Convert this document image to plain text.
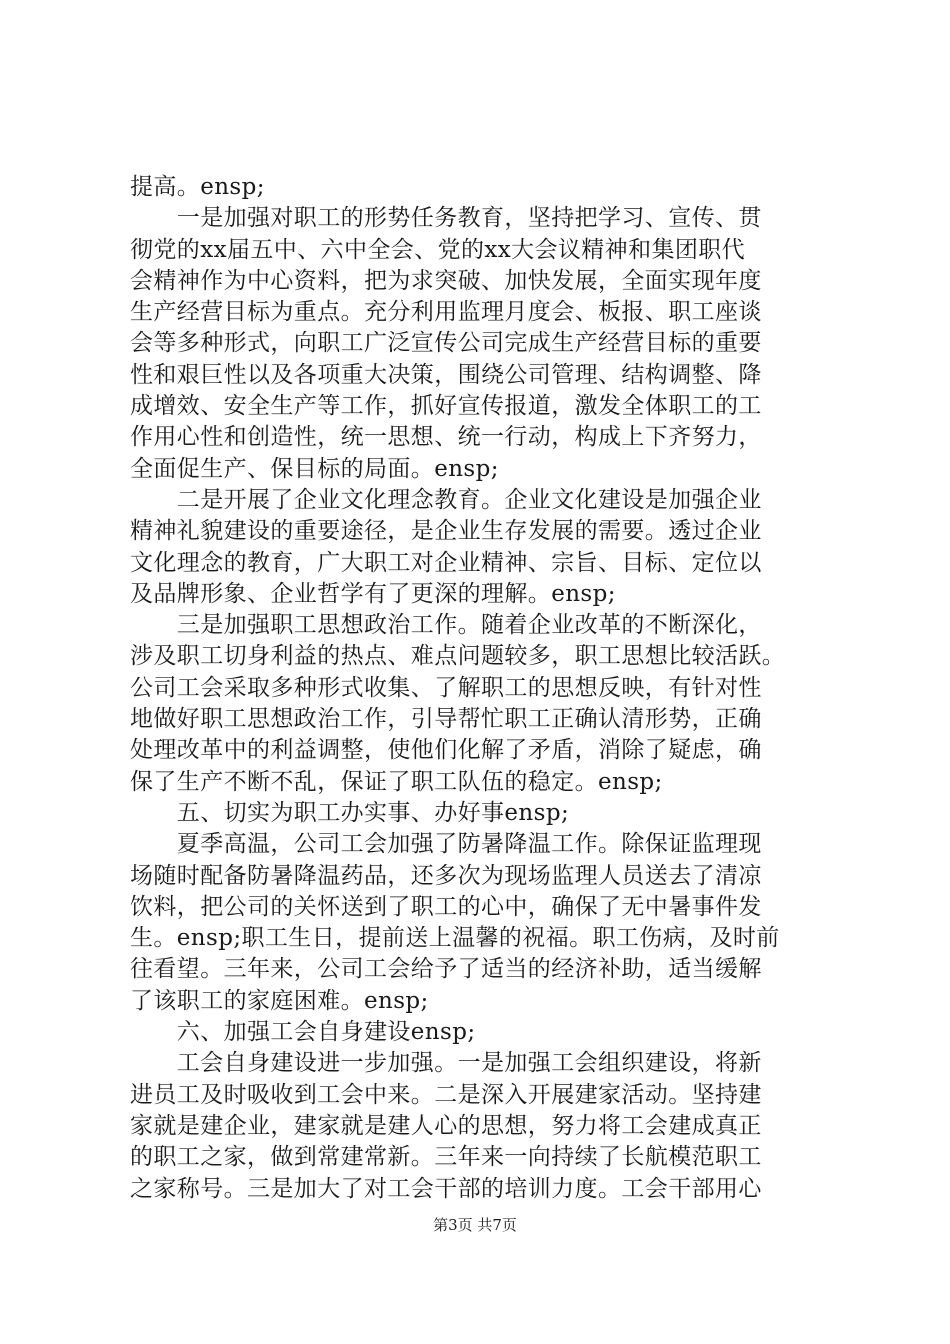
提高。ensp;
　　一是加强对职工的形势任务教育，坚持把学习、宣传、贯
彻党的xx届五中、六中全会、党的xx大会议精神和集团职代
会精神作为中心资料，把为求突破、加快发展，全面实现年度
生产经营目标为重点。充分利用监理月度会、板报、职工座谈
会等多种形式，向职工广泛宣传公司完成生产经营目标的重要
性和艰巨性以及各项重大决策，围绕公司管理、结构调整、降
成增效、安全生产等工作，抓好宣传报道，激发全体职工的工
作用心性和创造性，统一思想、统一行动，构成上下齐努力，
全面促生产、保目标的局面。ensp;
　　二是开展了企业文化理念教育。企业文化建设是加强企业
精神礼貌建设的重要途径，是企业生存发展的需要。透过企业
文化理念的教育，广大职工对企业精神、宗旨、目标、定位以
及品牌形象、企业哲学有了更深的理解。ensp;
　　三是加强职工思想政治工作。随着企业改革的不断深化，
涉及职工切身利益的热点、难点问题较多，职工思想比较活跃。
公司工会采取多种形式收集、了解职工的思想反映，有针对性
地做好职工思想政治工作，引导帮忙职工正确认清形势，正确
处理改革中的利益调整，使他们化解了矛盾，消除了疑虑，确
保了生产不断不乱，保证了职工队伍的稳定。ensp;
　　五、切实为职工办实事、办好事ensp;
　　夏季高温，公司工会加强了防暑降温工作。除保证监理现
场随时配备防暑降温药品，还多次为现场监理人员送去了清凉
饮料，把公司的关怀送到了职工的心中，确保了无中暑事件发
生。ensp;职工生日，提前送上温馨的祝福。职工伤病，及时前
往看望。三年来，公司工会给予了适当的经济补助，适当缓解
了该职工的家庭困难。ensp;
　　六、加强工会自身建设ensp;
　　工会自身建设进一步加强。一是加强工会组织建设，将新
进员工及时吸收到工会中来。二是深入开展建家活动。坚持建
家就是建企业，建家就是建人心的思想，努力将工会建成真正
的职工之家，做到常建常新。三年来一向持续了长航模范职工
之家称号。三是加大了对工会干部的培训力度。工会干部用心
第3页 共7页
